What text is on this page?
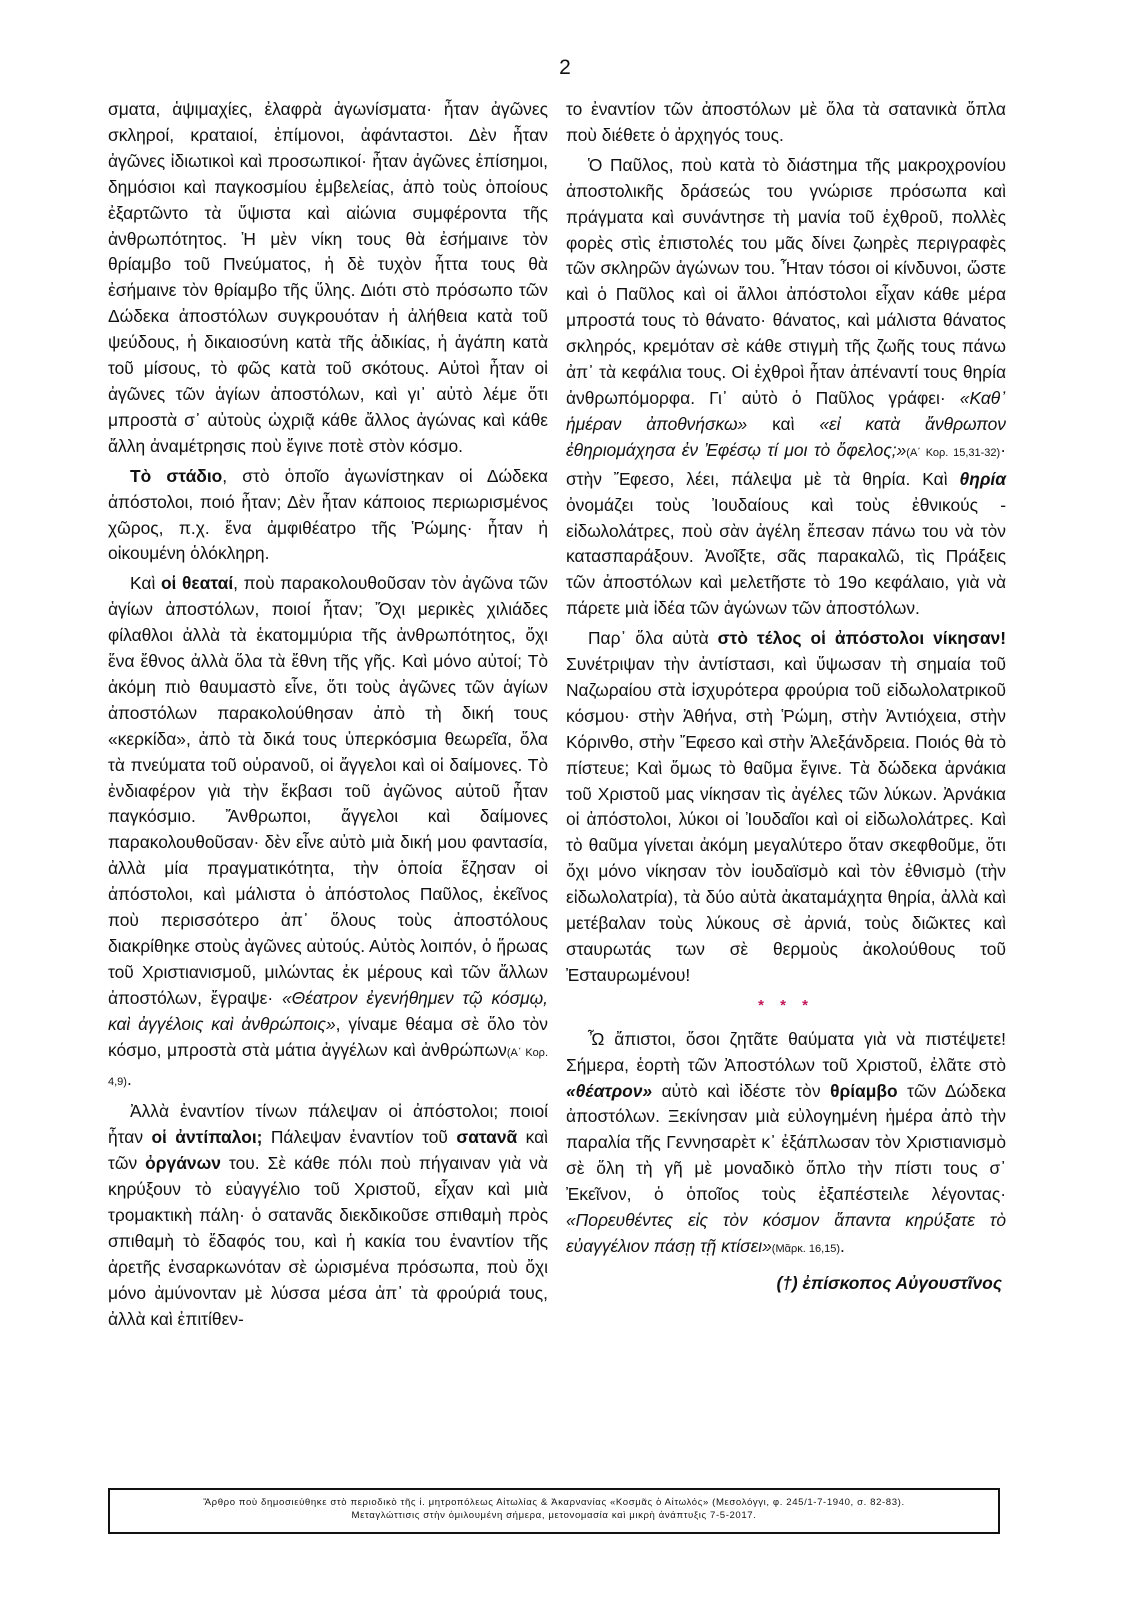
2

σματα, ἁψιμαχίες, ἐλαφρὰ ἀγωνίσματα· ἦταν ἀγῶνες σκληροί, κραταιοί, ἐπίμονοι, ἀφάνταστοι. Δὲν ἦταν ἀγῶνες ἰδιωτικοὶ καὶ προσωπικοί· ἦταν ἀγῶνες ἐπίσημοι, δημόσιοι καὶ παγκοσμίου ἐμβελείας, ἀπὸ τοὺς ὁποίους ἐξαρτῶντο τὰ ὕψιστα καὶ αἰώνια συμφέροντα τῆς ἀνθρωπότητος. Ἡ μὲν νίκη τους θὰ ἐσήμαινε τὸν θρίαμβο τοῦ Πνεύματος, ἡ δὲ τυχὸν ἧττα τους θὰ ἐσήμαινε τὸν θρίαμβο τῆς ὕλης. Διότι στὸ πρόσωπο τῶν Δώδεκα ἀποστόλων συγκρουόταν ἡ ἀλήθεια κατὰ τοῦ ψεύδους, ἡ δικαιοσύνη κατὰ τῆς ἀδικίας, ἡ ἀγάπη κατὰ τοῦ μίσους, τὸ φῶς κατὰ τοῦ σκότους. Αὐτοὶ ἦταν οἱ ἀγῶνες τῶν ἁγίων ἀποστόλων, καὶ γι᾽ αὐτὸ λέμε ὅτι μπροστὰ σ᾽ αὐτοὺς ὠχριᾷ κάθε ἄλλος ἀγώνας καὶ κάθε ἄλλη ἀναμέτρησις ποὺ ἔγινε ποτὲ στὸν κόσμο.

Τὸ στάδιο, στὸ ὁποῖο ἀγωνίστηκαν οἱ Δώδεκα ἀπόστολοι, ποιό ἦταν; Δὲν ἦταν κάποιος περιωρισμένος χῶρος, π.χ. ἕνα ἀμφιθέατρο τῆς Ῥώμης· ἦταν ἡ οἰκουμένη ὁλόκληρη.

Καὶ οἱ θεαταί, ποὺ παρακολουθοῦσαν τὸν ἀγῶνα τῶν ἁγίων ἀποστόλων, ποιοί ἦταν; Ὄχι μερικὲς χιλιάδες φίλαθλοι ἀλλὰ τὰ ἑκατομμύρια τῆς ἀνθρωπότητος, ὄχι ἕνα ἔθνος ἀλλὰ ὅλα τὰ ἔθνη τῆς γῆς. Καὶ μόνο αὐτοί; Τὸ ἀκόμη πιὸ θαυμαστὸ εἶνε, ὅτι τοὺς ἀγῶνες τῶν ἁγίων ἀποστόλων παρακολούθησαν ἀπὸ τὴ δική τους «κερκίδα», ἀπὸ τὰ δικά τους ὑπερκόσμια θεωρεῖα, ὅλα τὰ πνεύματα τοῦ οὐρανοῦ, οἱ ἄγγελοι καὶ οἱ δαίμονες. Τὸ ἐνδιαφέρον γιὰ τὴν ἔκβασι τοῦ ἀγῶνος αὐτοῦ ἦταν παγκόσμιο. Ἄνθρωποι, ἄγγελοι καὶ δαίμονες παρακολουθοῦσαν· δὲν εἶνε αὐτὸ μιὰ δική μου φαντασία, ἀλλὰ μία πραγματικότητα, τὴν ὁποία ἔζησαν οἱ ἀπόστολοι, καὶ μάλιστα ὁ ἀπόστολος Παῦλος, ἐκεῖνος ποὺ περισσότερο ἀπ᾽ ὅλους τοὺς ἀποστόλους διακρίθηκε στοὺς ἀγῶνες αὐτούς. Αὐτὸς λοιπόν, ὁ ἥρωας τοῦ Χριστιανισμοῦ, μιλώντας ἐκ μέρους καὶ τῶν ἄλλων ἀποστόλων, ἔγραψε· «Θέατρον ἐγενήθημεν τῷ κόσμῳ, καὶ ἀγγέλοις καὶ ἀνθρώποις», γίναμε θέαμα σὲ ὅλο τὸν κόσμο, μπροστὰ στὰ μάτια ἀγγέλων καὶ ἀνθρώπων(Α΄ Κορ. 4,9).

Ἀλλὰ ἐναντίον τίνων πάλεψαν οἱ ἀπόστολοι; ποιοί ἦταν οἱ ἀντίπαλοι; Πάλεψαν ἐναντίον τοῦ σατανᾶ καὶ τῶν ὀργάνων του. Σὲ κάθε πόλι ποὺ πήγαιναν γιὰ νὰ κηρύξουν τὸ εὐαγγέλιο τοῦ Χριστοῦ, εἶχαν καὶ μιὰ τρομακτικὴ πάλη· ὁ σατανᾶς διεκδικοῦσε σπιθαμὴ πρὸς σπιθαμὴ τὸ ἔδαφός του, καὶ ἡ κακία του ἐναντίον τῆς ἀρετῆς ἐνσαρκωνόταν σὲ ὡρισμένα πρόσωπα, ποὺ ὄχι μόνο ἀμύνονταν μὲ λύσσα μέσα ἀπ᾽ τὰ φρούριά τους, ἀλλὰ καὶ ἐπιτίθεν-

το ἐναντίον τῶν ἀποστόλων μὲ ὅλα τὰ σατανικὰ ὅπλα ποὺ διέθετε ὁ ἀρχηγός τους.

Ὁ Παῦλος, ποὺ κατὰ τὸ διάστημα τῆς μακροχρονίου ἀποστολικῆς δράσεώς του γνώρισε πρόσωπα καὶ πράγματα καὶ συνάντησε τὴ μανία τοῦ ἐχθροῦ, πολλὲς φορὲς στὶς ἐπιστολές του μᾶς δίνει ζωηρὲς περιγραφὲς τῶν σκληρῶν ἀγώνων του. Ἦταν τόσοι οἱ κίνδυνοι, ὥστε καὶ ὁ Παῦλος καὶ οἱ ἄλλοι ἀπόστολοι εἶχαν κάθε μέρα μπροστά τους τὸ θάνατο· θάνατος, καὶ μάλιστα θάνατος σκληρός, κρεμόταν σὲ κάθε στιγμὴ τῆς ζωῆς τους πάνω ἀπ᾽ τὰ κεφάλια τους. Οἱ ἐχθροὶ ἦταν ἀπέναντί τους θηρία ἀνθρωπόμορφα. Γι᾽ αὐτὸ ὁ Παῦλος γράφει· «Καθ᾽ ἡμέραν ἀποθνήσκω» καὶ «εἰ κατὰ ἄνθρωπον ἐθηριομάχησα ἐν Ἐφέσῳ τί μοι τὸ ὄφελος;»(Α΄ Κορ. 15,31-32)· στὴν Ἔφεσο, λέει, πάλεψα μὲ τὰ θηρία. Καὶ θηρία ὀνομάζει τοὺς Ἰουδαίους καὶ τοὺς ἐθνικούς - εἰδωλολάτρες, ποὺ σὰν ἀγέλη ἔπεσαν πάνω του νὰ τὸν κατασπαράξουν. Ἀνοῖξτε, σᾶς παρακαλῶ, τὶς Πράξεις τῶν ἀποστόλων καὶ μελετῆστε τὸ 19ο κεφάλαιο, γιὰ νὰ πάρετε μιὰ ἰδέα τῶν ἀγώνων τῶν ἀποστόλων.

Παρ᾽ ὅλα αὐτὰ στὸ τέλος οἱ ἀπόστολοι νίκησαν! Συνέτριψαν τὴν ἀντίστασι, καὶ ὕψωσαν τὴ σημαία τοῦ Ναζωραίου στὰ ἰσχυρότερα φρούρια τοῦ εἰδωλολατρικοῦ κόσμου· στὴν Ἀθήνα, στὴ Ῥώμη, στὴν Ἀντιόχεια, στὴν Κόρινθο, στὴν Ἔφεσο καὶ στὴν Ἀλεξάνδρεια. Ποιός θὰ τὸ πίστευε; Καὶ ὅμως τὸ θαῦμα ἔγινε. Τὰ δώδεκα ἀρνάκια τοῦ Χριστοῦ μας νίκησαν τὶς ἀγέλες τῶν λύκων. Ἀρνάκια οἱ ἀπόστολοι, λύκοι οἱ Ἰουδαῖοι καὶ οἱ εἰδωλολάτρες. Καὶ τὸ θαῦμα γίνεται ἀκόμη μεγαλύτερο ὅταν σκεφθοῦμε, ὅτι ὄχι μόνο νίκησαν τὸν ἰουδαϊσμὸ καὶ τὸν ἐθνισμὸ (τὴν εἰδωλολατρία), τὰ δύο αὐτὰ ἀκαταμάχητα θηρία, ἀλλὰ καὶ μετέβαλαν τοὺς λύκους σὲ ἀρνιά, τοὺς διῶκτες καὶ σταυρωτάς των σὲ θερμοὺς ἀκολούθους τοῦ Ἐσταυρωμένου!

* * *

Ὦ ἄπιστοι, ὅσοι ζητᾶτε θαύματα γιὰ νὰ πιστέψετε! Σήμερα, ἑορτὴ τῶν Ἀποστόλων τοῦ Χριστοῦ, ἐλᾶτε στὸ «θέατρον» αὐτὸ καὶ ἰδέστε τὸν θρίαμβο τῶν Δώδεκα ἀποστόλων. Ξεκίνησαν μιὰ εὐλογημένη ἡμέρα ἀπὸ τὴν παραλία τῆς Γεννησαρὲτ κ᾽ ἐξάπλωσαν τὸν Χριστιανισμὸ σὲ ὅλη τὴ γῆ μὲ μοναδικὸ ὅπλο τὴν πίστι τους σ᾽ Ἐκεῖνον, ὁ ὁποῖος τοὺς ἐξαπέστειλε λέγοντας· «Πορευθέντες εἰς τὸν κόσμον ἅπαντα κηρύξατε τὸ εὐαγγέλιον πάσῃ τῇ κτίσει»(Μᾶρκ. 16,15).

(†) ἐπίσκοπος Αὐγουστῖνος

Ἄρθρο ποὺ δημοσιεύθηκε στὸ περιοδικὸ τῆς ἱ. μητροπόλεως Αἰτωλίας & Ἀκαρνανίας «Κοσμᾶς ὁ Αἰτωλός» (Μεσολόγγι, φ. 245/1-7-1940, σ. 82-83).
Μεταγλώττισις στὴν ὁμιλουμένη σήμερα, μετονομασία καὶ μικρὴ ἀνάπτυξις 7-5-2017.
